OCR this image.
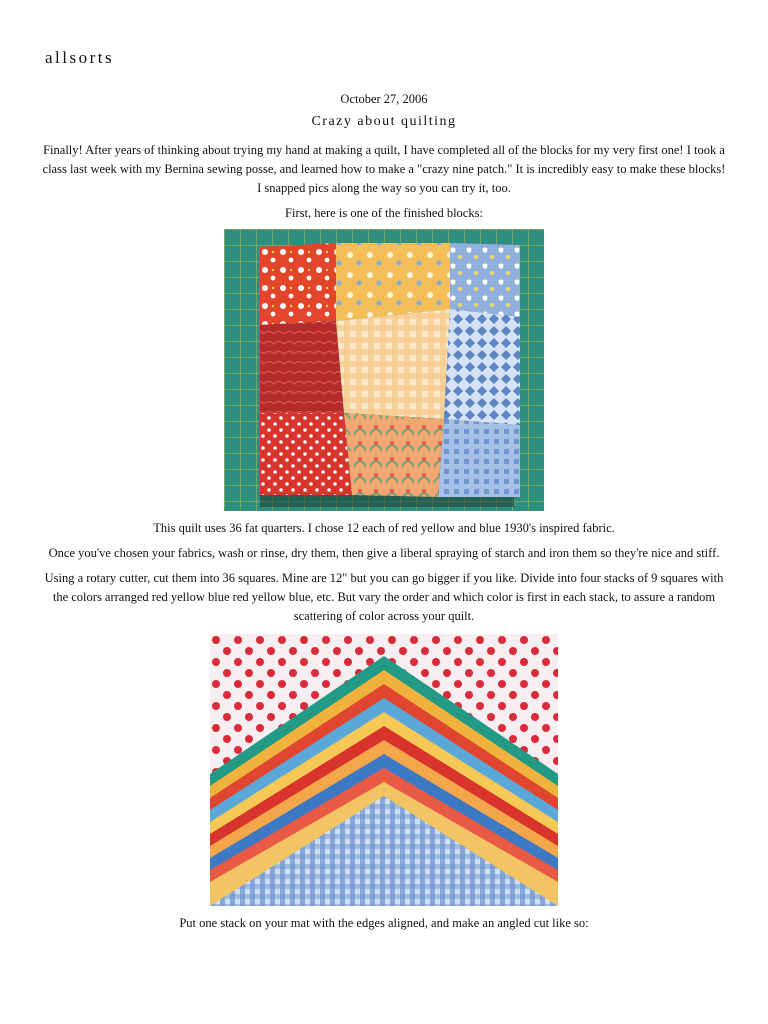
allsorts

October 27, 2006

Crazy about quilting

Finally! After years of thinking about trying my hand at making a quilt, I have completed all of the blocks for my very first one! I took a class last week with my Bernina sewing posse, and learned how to make a "crazy nine patch." It is incredibly easy to make these blocks! I snapped pics along the way so you can try it, too.

First, here is one of the finished blocks:

This quilt uses 36 fat quarters. I chose 12 each of red yellow and blue 1930's inspired fabric.

Once you've chosen your fabrics, wash or rinse, dry them, then give a liberal spraying of starch and iron them so they're nice and stiff.

Using a rotary cutter, cut them into 36 squares. Mine are 12" but you can go bigger if you like. Divide into four stacks of 9 squares with the colors arranged red yellow blue red yellow blue, etc. But vary the order and which color is first in each stack, to assure a random scattering of color across your quilt.

Put one stack on your mat with the edges aligned, and make an angled cut like so:
